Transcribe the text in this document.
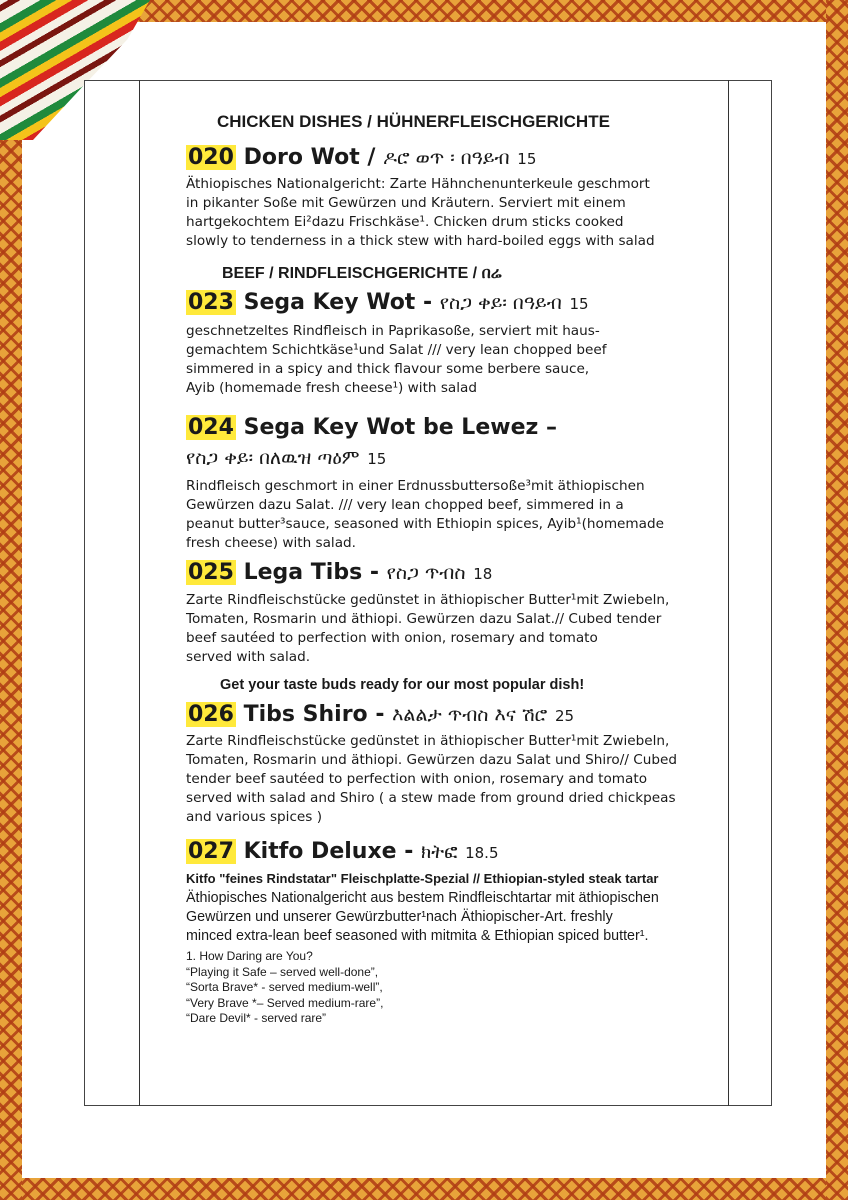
CHICKEN DISHES / HÜHNERFLEISCHGERICHTE

020 Doro Wot / ዶሮ ወጥ ፡ በዓይብ 15

Äthiopisches Nationalgericht: Zarte Hähnchenunterkeule geschmort

in pikanter Soße mit Gewürzen und Kräutern. Serviert mit einem

hartgekochtem Ei²dazu Frischkäse¹. Chicken drum sticks cooked

slowly to tenderness in a thick stew with hard-boiled eggs with salad

BEEF / RINDFLEISCHGERICHTE / በሬ

023 Sega Key Wot - የስጋ ቀይ፡ በዓይብ 15

geschnetzeltes Rindfleisch in Paprikasoße, serviert mit haus-

gemachtem Schichtkäse¹und Salat /// very lean chopped beef

simmered in a spicy and thick flavour some berbere sauce,

Ayib (homemade fresh cheese¹) with salad

024 Sega Key Wot be Lewez –

የስጋ ቀይ፡ በለዉዝ ጣዕም 15

Rindfleisch geschmort in einer Erdnussbuttersoße³mit äthiopischen

Gewürzen dazu Salat. /// very lean chopped beef, simmered in a

peanut butter³sauce, seasoned with Ethiopin spices, Ayib¹(homemade

fresh cheese) with salad.

025 Lega Tibs - የስጋ ጥብስ 18

Zarte Rindfleischstücke gedünstet in äthiopischer Butter¹mit Zwiebeln,

Tomaten, Rosmarin und äthiopi. Gewürzen dazu Salat.// Cubed tender

beef sautéed to perfection with onion, rosemary and tomato

served with salad.

Get your taste buds ready for our most popular dish!

026 Tibs Shiro - እልልታ ጥብስ እና ሽሮ 25

Zarte Rindfleischstücke gedünstet in äthiopischer Butter¹mit Zwiebeln,

Tomaten, Rosmarin und äthiopi. Gewürzen dazu Salat und Shiro// Cubed

tender beef sautéed to perfection with onion, rosemary and tomato

served with salad and Shiro ( a stew made from ground dried chickpeas

and various spices )

027 Kitfo Deluxe - ክትፎ 18.5

Kitfo "feines Rindstatar" Fleischplatte-Spezial // Ethiopian-styled steak tartar

Äthiopisches Nationalgericht aus bestem Rindfleischtartar mit äthiopischen

Gewürzen und unserer Gewürzbutter¹nach Äthiopischer-Art. freshly

minced extra-lean beef seasoned with mitmita & Ethiopian spiced butter¹.

1. How Daring are You?

“Playing it Safe – served well-done”,

“Sorta Brave* - served medium-well”,

“Very Brave *– Served medium-rare”,

“Dare Devil* - served rare”
